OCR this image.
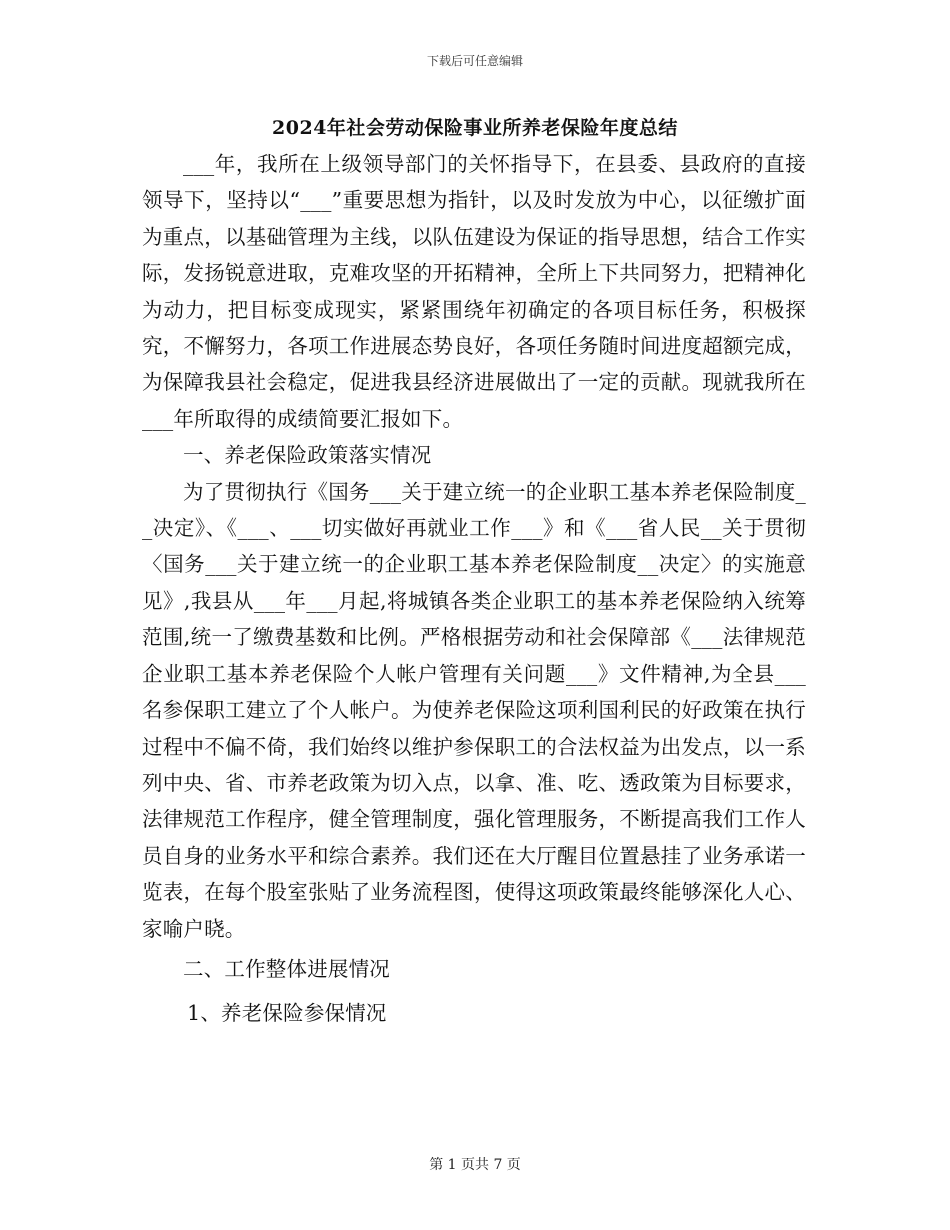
下载后可任意编辑
2024年社会劳动保险事业所养老保险年度总结

___年，我所在上级领导部门的关怀指导下，在县委、县政府的直接领导下，坚持以“___”重要思想为指针，以及时发放为中心，以征缴扩面为重点，以基础管理为主线，以队伍建设为保证的指导思想，结合工作实际，发扬锐意进取，克难攻坚的开拓精神，全所上下共同努力，把精神化为动力，把目标变成现实，紧紧围绕年初确定的各项目标任务，积极探究，不懈努力，各项工作进展态势良好，各项任务随时间进度超额完成，为保障我县社会稳定，促进我县经济进展做出了一定的贡献。现就我所在___年所取得的成绩简要汇报如下。

一、养老保险政策落实情况

为了贯彻执行《国务___关于建立统一的企业职工基本养老保险制度__决定》、《___、___切实做好再就业工作___》和《___省人民__关于贯彻〈国务___关于建立统一的企业职工基本养老保险制度__决定〉的实施意见》,我县从___年___月起,将城镇各类企业职工的基本养老保险纳入统筹范围,统一了缴费基数和比例。严格根据劳动和社会保障部《___法律规范企业职工基本养老保险个人帐户管理有关问题___》文件精神,为全县___名参保职工建立了个人帐户。为使养老保险这项利国利民的好政策在执行过程中不偏不倚，我们始终以维护参保职工的合法权益为出发点，以一系列中央、省、市养老政策为切入点，以拿、准、吃、透政策为目标要求，法律规范工作程序，健全管理制度，强化管理服务，不断提高我们工作人员自身的业务水平和综合素养。我们还在大厅醒目位置悬挂了业务承诺一览表，在每个股室张贴了业务流程图，使得这项政策最终能够深化人心、家喻户晓。

二、工作整体进展情况

1、养老保险参保情况

第 1 页共 7 页
